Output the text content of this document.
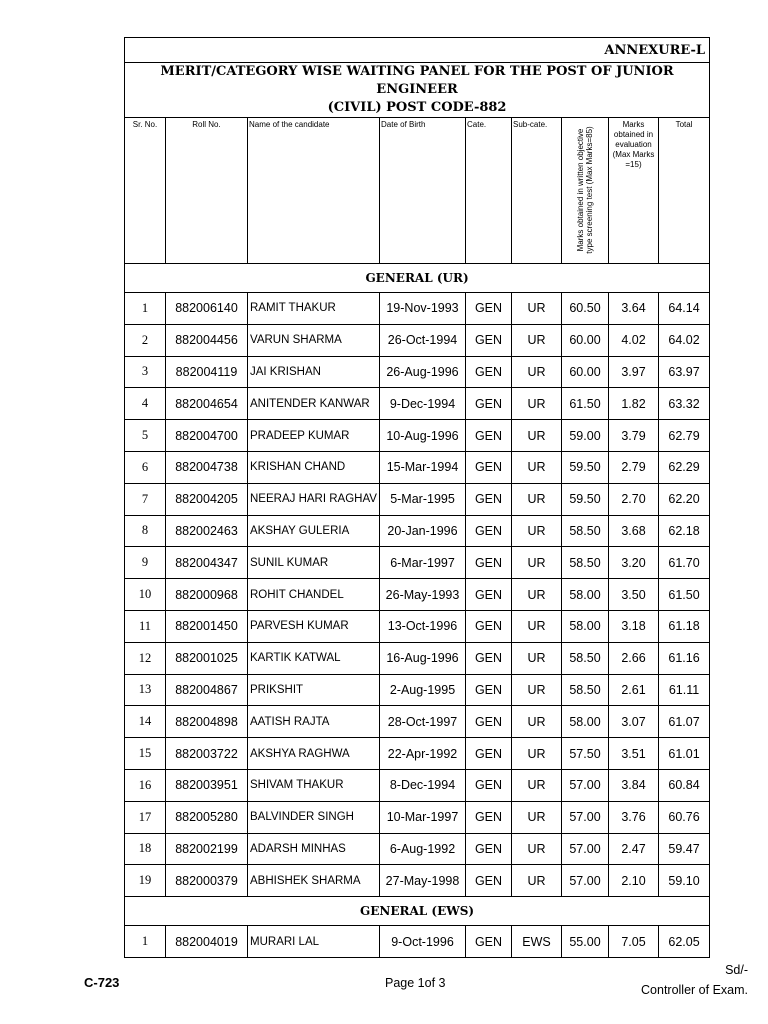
ANNEXURE-L								

MERIT/CATEGORY WISE WAITING PANEL FOR THE POST OF JUNIOR ENGINEER
(CIVIL) POST CODE-882								

Sr. No.	Roll No.	Name of the candidate	Date of Birth	Cate.	Sub-cate.	Marks obtained in written objective type screening test (Max Marks=85)	Marks obtained in evaluation (Max Marks =15)	Total
GENERAL (UR)								
1	882006140	RAMIT THAKUR	19-Nov-1993	GEN	UR	60.50	3.64	64.14
2	882004456	VARUN SHARMA	26-Oct-1994	GEN	UR	60.00	4.02	64.02
3	882004119	JAI KRISHAN	26-Aug-1996	GEN	UR	60.00	3.97	63.97
4	882004654	ANITENDER KANWAR	9-Dec-1994	GEN	UR	61.50	1.82	63.32
5	882004700	PRADEEP KUMAR	10-Aug-1996	GEN	UR	59.00	3.79	62.79
6	882004738	KRISHAN CHAND	15-Mar-1994	GEN	UR	59.50	2.79	62.29
7	882004205	NEERAJ HARI RAGHAV	5-Mar-1995	GEN	UR	59.50	2.70	62.20
8	882002463	AKSHAY GULERIA	20-Jan-1996	GEN	UR	58.50	3.68	62.18
9	882004347	SUNIL KUMAR	6-Mar-1997	GEN	UR	58.50	3.20	61.70
10	882000968	ROHIT CHANDEL	26-May-1993	GEN	UR	58.00	3.50	61.50
11	882001450	PARVESH KUMAR	13-Oct-1996	GEN	UR	58.00	3.18	61.18
12	882001025	KARTIK KATWAL	16-Aug-1996	GEN	UR	58.50	2.66	61.16
13	882004867	PRIKSHIT	2-Aug-1995	GEN	UR	58.50	2.61	61.11
14	882004898	AATISH RAJTA	28-Oct-1997	GEN	UR	58.00	3.07	61.07
15	882003722	AKSHYA RAGHWA	22-Apr-1992	GEN	UR	57.50	3.51	61.01
16	882003951	SHIVAM THAKUR	8-Dec-1994	GEN	UR	57.00	3.84	60.84
17	882005280	BALVINDER SINGH	10-Mar-1997	GEN	UR	57.00	3.76	60.76
18	882002199	ADARSH MINHAS	6-Aug-1992	GEN	UR	57.00	2.47	59.47
19	882000379	ABHISHEK SHARMA	27-May-1998	GEN	UR	57.00	2.10	59.10
GENERAL (EWS)								
1	882004019	MURARI LAL	9-Oct-1996	GEN	EWS	55.00	7.05	62.05
C-723	Page 1of 3
Sd/-
Controller of Exam.
